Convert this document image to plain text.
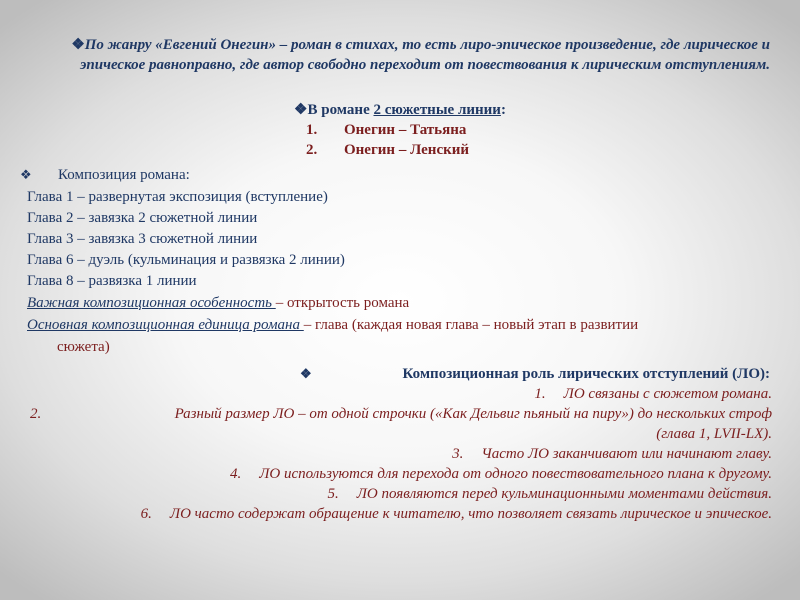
❖По жанру «Евгений Онегин» – роман в стихах, то есть лиро-эпическое произведение, где лирическое и эпическое равноправно, где автор свободно переходит от повествования к лирическим отступлениям.

❖В романе 2 сюжетные линии:
1. Онегин – Татьяна
2. Онегин – Ленский
❖ Композиция романа:
Глава 1 – развернутая экспозиция (вступление)
Глава 2 – завязка 2 сюжетной линии
Глава 3 – завязка 3 сюжетной линии
Глава 6 – дуэль (кульминация и развязка 2 линии)
Глава 8 – развязка 1 линии
Важная композиционная особенность – открытость романа
Основная композиционная единица романа – глава (каждая новая глава – новый этап в развитии
сюжета)
❖	Композиционная роль лирических отступлений (ЛО):
1. ЛО связаны с сюжетом романа.
2.	Разный размер ЛО – от одной строчки («Как Дельвиг пьяный на пиру») до нескольких строф
(глава 1, LVII-LX).
3. Часто ЛО заканчивают или начинают главу.
4. ЛО используются для перехода от одного повествовательного плана к другому.
5. ЛО появляются перед кульминационными моментами действия.
6. ЛО часто содержат обращение к читателю, что позволяет связать лирическое и эпическое.
